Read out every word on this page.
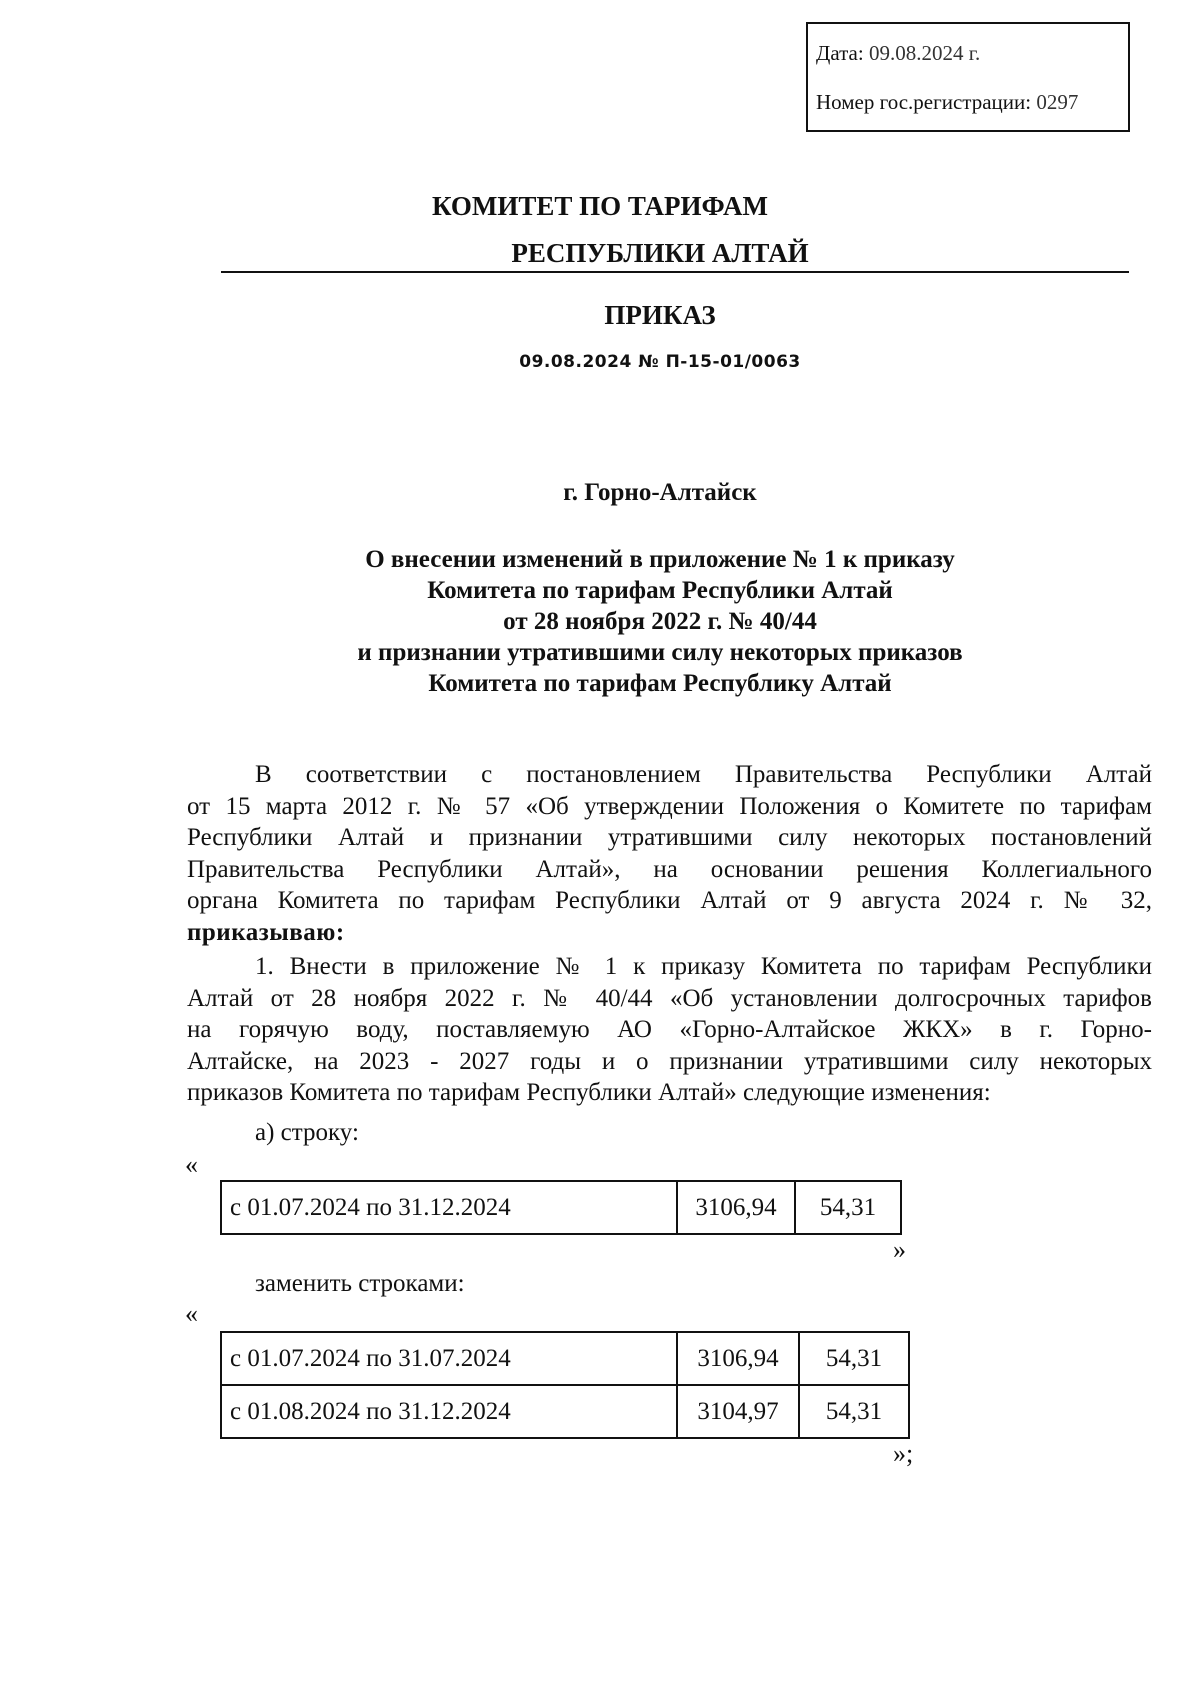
Дата: 09.08.2024 г.
Номер гос.регистрации: 0297
КОМИТЕТ ПО ТАРИФАМ
РЕСПУБЛИКИ АЛТАЙ
ПРИКАЗ
09.08.2024 № П-15-01/0063
г. Горно-Алтайск
О внесении изменений в приложение № 1 к приказу
Комитета по тарифам Республики Алтай
от 28 ноября 2022 г. № 40/44
и признании утратившими силу некоторых приказов
Комитета по тарифам Республику Алтай
В соответствии с постановлением Правительства Республики Алтай
от 15 марта 2012 г. № 57 «Об утверждении Положения о Комитете по тарифам
Республики Алтай и признании утратившими силу некоторых постановлений
Правительства Республики Алтай», на основании решения Коллегиального
органа Комитета по тарифам Республики Алтай от 9 августа 2024 г. № 32,
приказываю:
1. Внести в приложение № 1 к приказу Комитета по тарифам Республики
Алтай от 28 ноября 2022 г. № 40/44 «Об установлении долгосрочных тарифов
на горячую воду, поставляемую АО «Горно-Алтайское ЖКХ» в г. Горно-
Алтайске, на 2023 - 2027 годы и о признании утратившими силу некоторых
приказов Комитета по тарифам Республики Алтай» следующие изменения:
а) строку:
«
с 01.07.2024 по 31.12.2024	3106,94	54,31
»
заменить строками:
«
с 01.07.2024 по 31.07.2024	3106,94	54,31
с 01.08.2024 по 31.12.2024	3104,97	54,31
»;
